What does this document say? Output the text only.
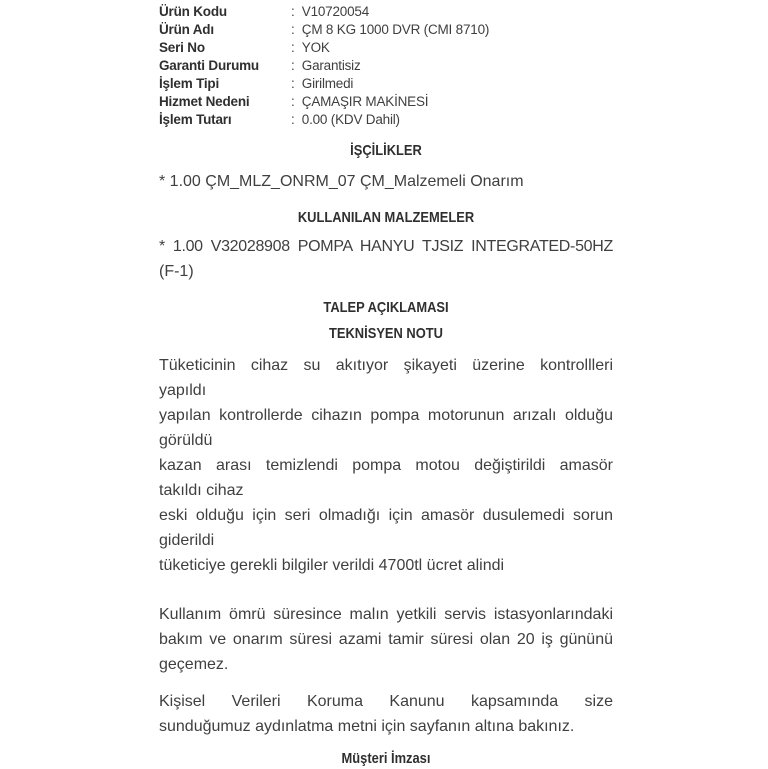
Ürün Kodu	: V10720054
Ürün Adı	: ÇM 8 KG 1000 DVR (CMI 8710)
Seri No	: YOK
Garanti Durumu	: Garantisiz
İşlem Tipi	: Girilmedi
Hizmet Nedeni	: ÇAMAŞIR MAKİNESİ
İşlem Tutarı	: 0.00 (KDV Dahil)
İŞÇİLİKLER
* 1.00 ÇM_MLZ_ONRM_07 ÇM_Malzemeli Onarım
KULLANILAN MALZEMELER
* 1.00 V32028908 POMPA HANYU TJSIZ INTEGRATED-50HZ
(F-1)
TALEP AÇIKLAMASI
TEKNİSYEN NOTU
Tüketicinin cihaz su akıtıyor şikayeti üzerine kontrollleri
yapıldı
yapılan kontrollerde cihazın pompa motorunun arızalı olduğu
görüldü
kazan arası temizlendi pompa motou değiştirildi amasör
takıldı cihaz
eski olduğu için seri olmadığı için amasör dusulemedi sorun
giderildi
tüketiciye gerekli bilgiler verildi 4700tl ücret alindi
Kullanım ömrü süresince malın yetkili servis istasyonlarındaki
bakım ve onarım süresi azami tamir süresi olan 20 iş gününü
geçemez.
Kişisel Verileri Koruma Kanunu kapsamında size
sunduğumuz aydınlatma metni için sayfanın altına bakınız.
Müşteri İmzası
